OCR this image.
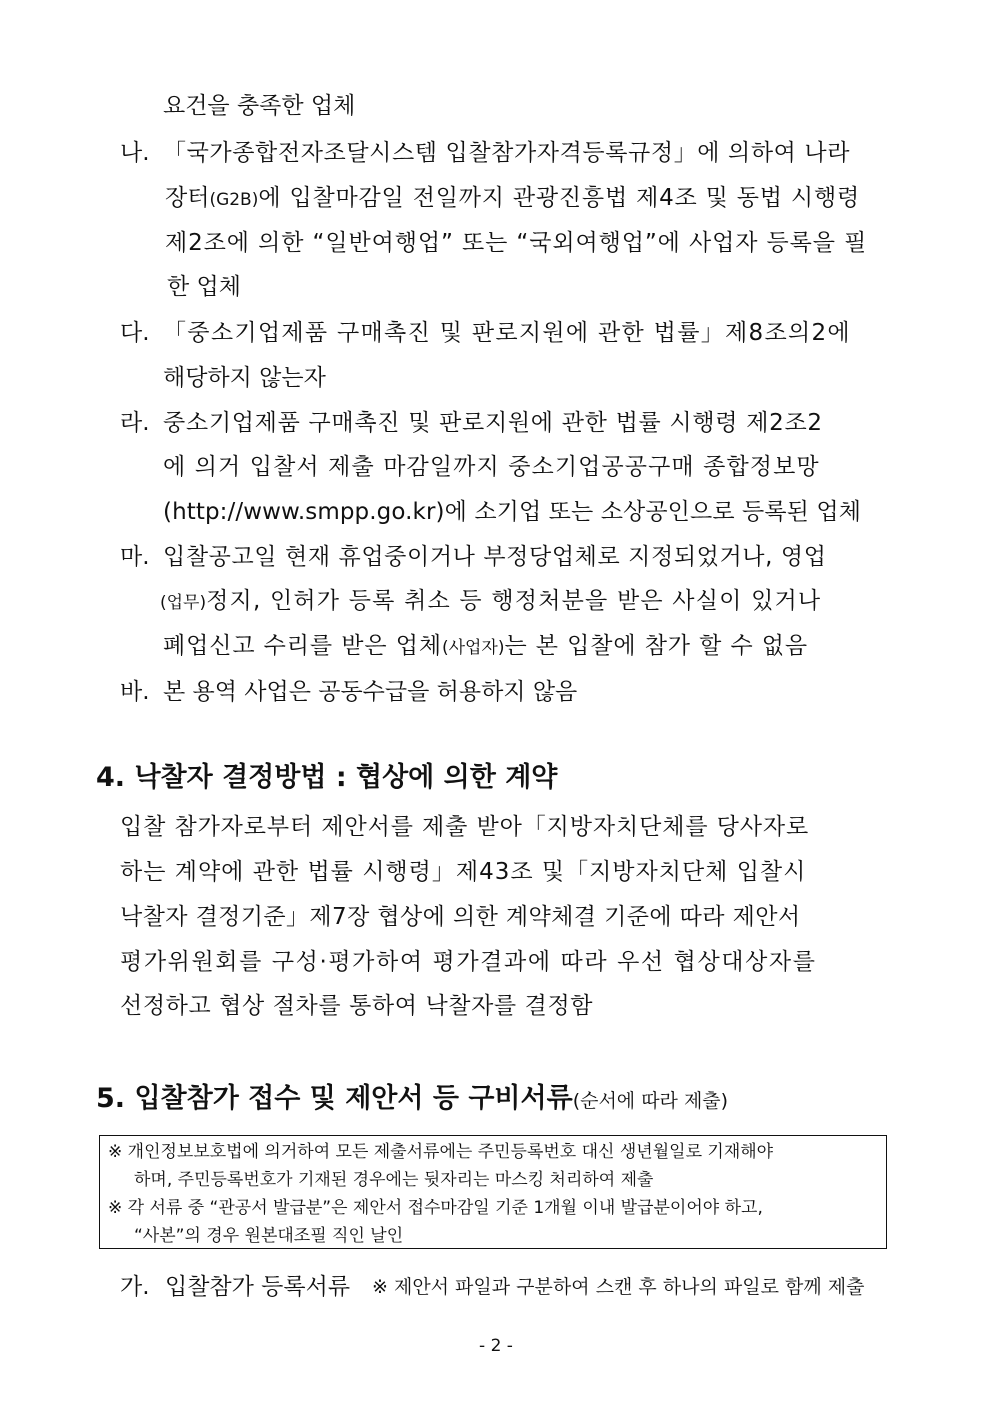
요건을 충족한 업체
나. 「국가종합전자조달시스템 입찰참가자격등록규정」에 의하여 나라
장터(G2B)에 입찰마감일 전일까지 관광진흥법 제4조 및 동법 시행령
제2조에 의한 “일반여행업” 또는 “국외여행업”에 사업자 등록을 필
한 업체
다. 「중소기업제품 구매촉진 및 판로지원에 관한 법률」제8조의2에
해당하지 않는자
라. 중소기업제품 구매촉진 및 판로지원에 관한 법률 시행령 제2조2
에 의거 입찰서 제출 마감일까지 중소기업공공구매 종합정보망
(http://www.smpp.go.kr)에 소기업 또는 소상공인으로 등록된 업체
마. 입찰공고일 현재 휴업중이거나 부정당업체로 지정되었거나, 영업
(업무)정지, 인허가 등록 취소 등 행정처분을 받은 사실이 있거나
폐업신고 수리를 받은 업체(사업자)는 본 입찰에 참가 할 수 없음
바. 본 용역 사업은 공동수급을 허용하지 않음
4. 낙찰자 결정방법 : 협상에 의한 계약
입찰 참가자로부터 제안서를 제출 받아「지방자치단체를 당사자로
하는 계약에 관한 법률 시행령」제43조 및「지방자치단체 입찰시
낙찰자 결정기준」제7장 협상에 의한 계약체결 기준에 따라 제안서
평가위원회를 구성·평가하여 평가결과에 따라 우선 협상대상자를
선정하고 협상 절차를 통하여 낙찰자를 결정함
5. 입찰참가 접수 및 제안서 등 구비서류(순서에 따라 제출)
※ 개인정보보호법에 의거하여 모든 제출서류에는 주민등록번호 대신 생년월일로 기재해야
하며, 주민등록번호가 기재된 경우에는 뒷자리는 마스킹 처리하여 제출
※ 각 서류 중 “관공서 발급분”은 제안서 접수마감일 기준 1개월 이내 발급분이어야 하고,
“사본”의 경우 원본대조필 직인 날인
가. 입찰참가 등록서류 ※ 제안서 파일과 구분하여 스캔 후 하나의 파일로 함께 제출
- 2 -
